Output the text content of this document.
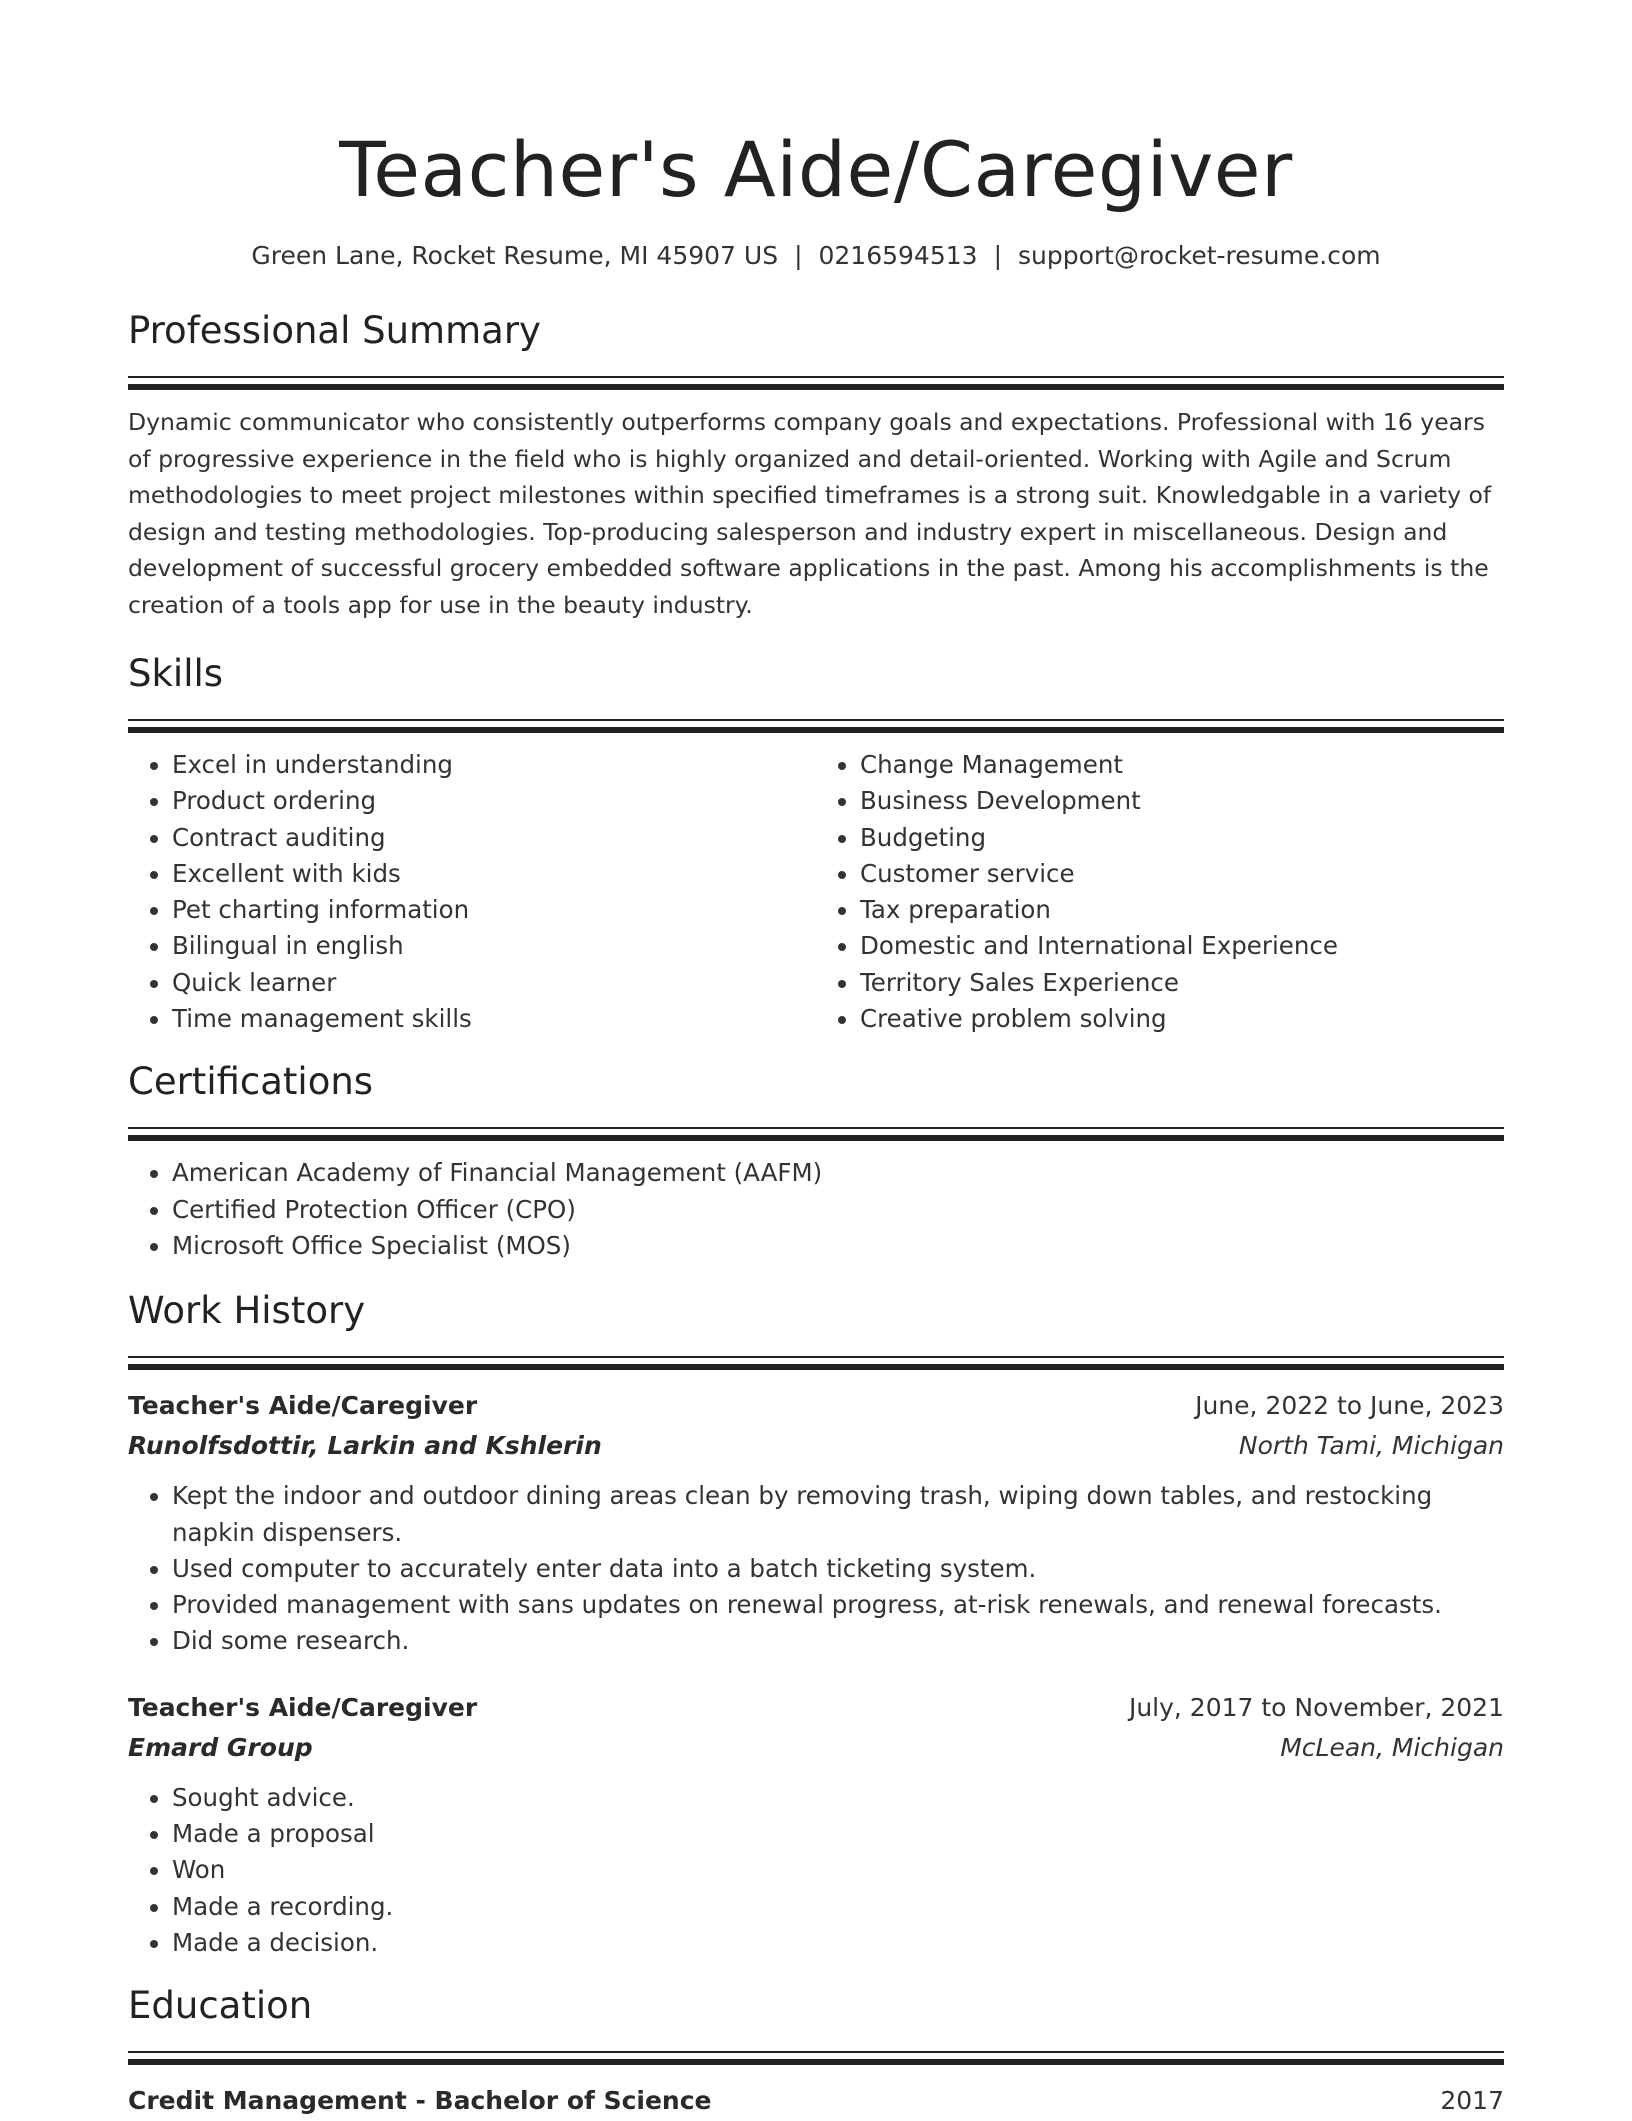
Teacher's Aide/Caregiver
Green Lane, Rocket Resume, MI 45907 US | 0216594513 | support@rocket-resume.com
Professional Summary

Dynamic communicator who consistently outperforms company goals and expectations. Professional with 16 years of progressive experience in the field who is highly organized and detail-oriented. Working with Agile and Scrum methodologies to meet project milestones within specified timeframes is a strong suit. Knowledgable in a variety of design and testing methodologies. Top-producing salesperson and industry expert in miscellaneous. Design and development of successful grocery embedded software applications in the past. Among his accomplishments is the creation of a tools app for use in the beauty industry.

Skills
• Excel in understanding
• Product ordering
• Contract auditing
• Excellent with kids
• Pet charting information
• Bilingual in english
• Quick learner
• Time management skills
• Change Management
• Business Development
• Budgeting
• Customer service
• Tax preparation
• Domestic and International Experience
• Territory Sales Experience
• Creative problem solving
Certifications
• American Academy of Financial Management (AAFM)
• Certified Protection Officer (CPO)
• Microsoft Office Specialist (MOS)
Work History
Teacher's Aide/Caregiver	June, 2022 to June, 2023
Runolfsdottir, Larkin and Kshlerin	North Tami, Michigan
• Kept the indoor and outdoor dining areas clean by removing trash, wiping down tables, and restocking napkin dispensers.
• Used computer to accurately enter data into a batch ticketing system.
• Provided management with sans updates on renewal progress, at-risk renewals, and renewal forecasts.
• Did some research.
Teacher's Aide/Caregiver	July, 2017 to November, 2021
Emard Group	McLean, Michigan
• Sought advice.
• Made a proposal
• Won
• Made a recording.
• Made a decision.
Education
Credit Management - Bachelor of Science	2017
